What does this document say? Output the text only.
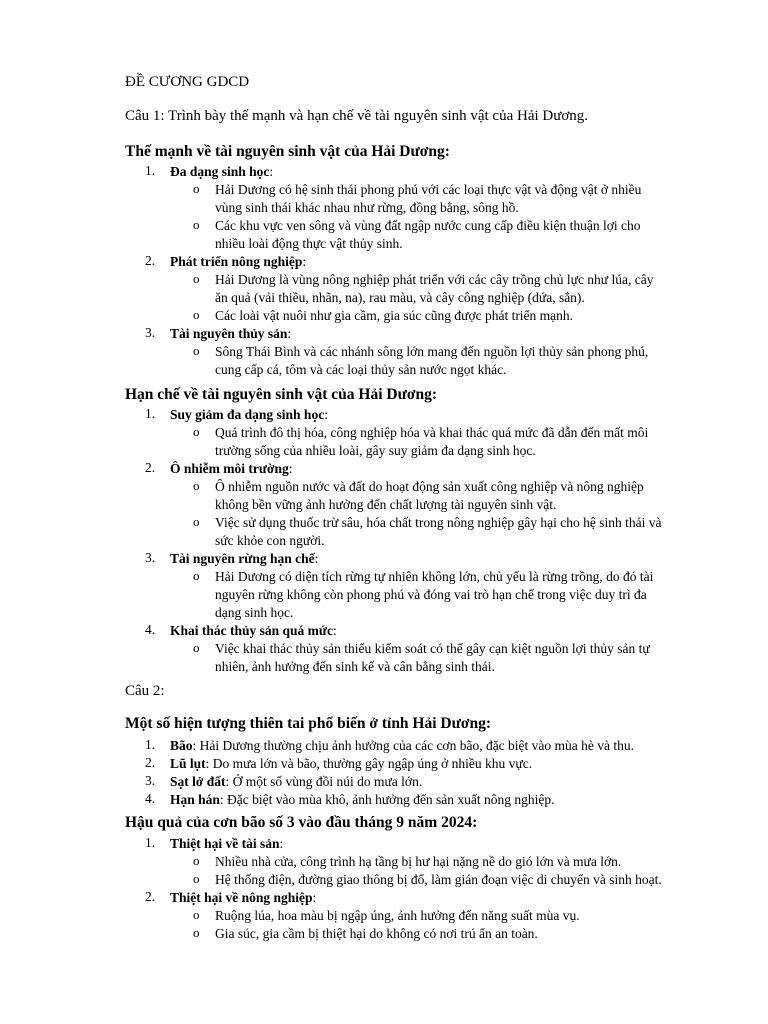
ĐỀ CƯƠNG GDCD
Câu 1: Trình bày thế mạnh và hạn chế về tài nguyên sinh vật của Hải Dương.
Thế mạnh về tài nguyên sinh vật của Hải Dương:
1. Đa dạng sinh học:
o Hải Dương có hệ sinh thái phong phú với các loại thực vật và động vật ở nhiều
vùng sinh thái khác nhau như rừng, đồng bằng, sông hồ.
o Các khu vực ven sông và vùng đất ngập nước cung cấp điều kiện thuận lợi cho
nhiều loài động thực vật thủy sinh.
2. Phát triển nông nghiệp:
o Hải Dương là vùng nông nghiệp phát triển với các cây trồng chủ lực như lúa, cây
ăn quả (vải thiều, nhãn, na), rau màu, và cây công nghiệp (dứa, sắn).
o Các loài vật nuôi như gia cầm, gia súc cũng được phát triển mạnh.
3. Tài nguyên thủy sản:
o Sông Thái Bình và các nhánh sông lớn mang đến nguồn lợi thủy sản phong phú,
cung cấp cá, tôm và các loại thủy sản nước ngọt khác.
Hạn chế về tài nguyên sinh vật của Hải Dương:
1. Suy giảm đa dạng sinh học:
o Quá trình đô thị hóa, công nghiệp hóa và khai thác quá mức đã dẫn đến mất môi
trường sống của nhiều loài, gây suy giảm đa dạng sinh học.
2. Ô nhiễm môi trường:
o Ô nhiễm nguồn nước và đất do hoạt động sản xuất công nghiệp và nông nghiệp
không bền vững ảnh hưởng đến chất lượng tài nguyên sinh vật.
o Việc sử dụng thuốc trừ sâu, hóa chất trong nông nghiệp gây hại cho hệ sinh thái và
sức khỏe con người.
3. Tài nguyên rừng hạn chế:
o Hải Dương có diện tích rừng tự nhiên không lớn, chủ yếu là rừng trồng, do đó tài
nguyên rừng không còn phong phú và đóng vai trò hạn chế trong việc duy trì đa
dạng sinh học.
4. Khai thác thủy sản quá mức:
o Việc khai thác thủy sản thiếu kiểm soát có thể gây cạn kiệt nguồn lợi thủy sản tự
nhiên, ảnh hưởng đến sinh kế và cân bằng sinh thái.
Câu 2:
Một số hiện tượng thiên tai phổ biến ở tỉnh Hải Dương:
1. Bão: Hải Dương thường chịu ảnh hưởng của các cơn bão, đặc biệt vào mùa hè và thu.
2. Lũ lụt: Do mưa lớn và bão, thường gây ngập úng ở nhiều khu vực.
3. Sạt lở đất: Ở một số vùng đồi núi do mưa lớn.
4. Hạn hán: Đặc biệt vào mùa khô, ảnh hưởng đến sản xuất nông nghiệp.
Hậu quả của cơn bão số 3 vào đầu tháng 9 năm 2024:
1. Thiệt hại về tài sản:
o Nhiều nhà cửa, công trình hạ tầng bị hư hại nặng nề do gió lớn và mưa lớn.
o Hệ thống điện, đường giao thông bị đổ, làm gián đoạn việc di chuyển và sinh hoạt.
2. Thiệt hại về nông nghiệp:
o Ruộng lúa, hoa màu bị ngập úng, ảnh hưởng đến năng suất mùa vụ.
o Gia súc, gia cầm bị thiệt hại do không có nơi trú ẩn an toàn.
